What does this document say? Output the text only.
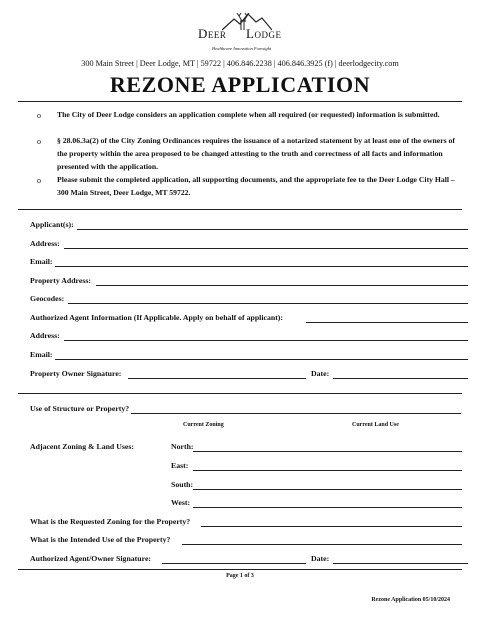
Deer Lodge
Healthcare Innovation Foresight
300 Main Street | Deer Lodge, MT | 59722 | 406.846.2238 | 406.846.3925 (f) | deerlodgecity.com
REZONE APPLICATION
o The City of Deer Lodge considers an application complete when all required (or requested) information is submitted.
o § 28.06.3a(2) of the City Zoning Ordinances requires the issuance of a notarized statement by at least one of the owners of the property within the area proposed to be changed attesting to the truth and correctness of all facts and information presented with the application.
o Please submit the completed application, all supporting documents, and the appropriate fee to the Deer Lodge City Hall – 300 Main Street, Deer Lodge, MT 59722.
Applicant(s):
Address:
Email:
Property Address:
Geocodes:
Authorized Agent Information (If Applicable. Apply on behalf of applicant):
Address:
Email:
Property Owner Signature:	Date:
Use of Structure or Property?
Current Zoning	Current Land Use
Adjacent Zoning & Land Uses:	North:
East:
South:
West:
What is the Requested Zoning for the Property?
What is the Intended Use of the Property?
Authorized Agent/Owner Signature:	Date:
Page 1 of 3
Rezone Application 05/10/2024
